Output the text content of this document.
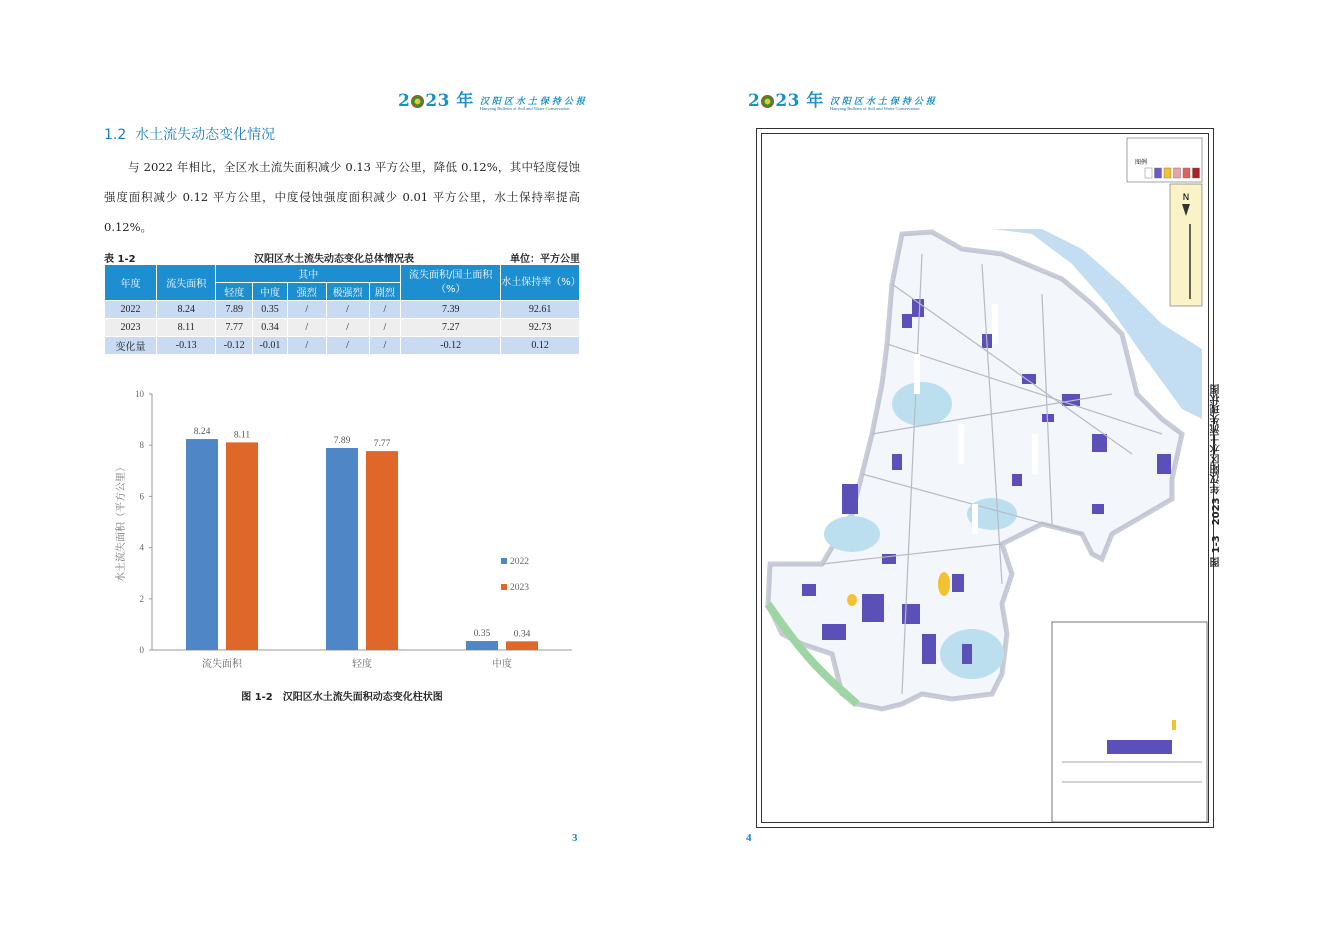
2 23 年 汉阳区水土保持公报
Hanyang Bulletin of Soil and Water Conservation
1.2 水土流失动态变化情况
与 2022 年相比，全区水土流失面积减少 0.13 平方公里，降低 0.12%，其中轻度侵蚀强度面积减少 0.12 平方公里，中度侵蚀强度面积减少 0.01 平方公里，水土保持率提高 0.12%。
表 1-2	汉阳区水土流失动态变化总体情况表	单位：平方公里
年度	流失面积	其中					流失面积/国土面积（%）	水土保持率（%）
		轻度	中度	强烈	极强烈	剧烈		
2022	8.24	7.89	0.35	/	/	/	7.39	92.61
2023	8.11	7.77	0.34	/	/	/	7.27	92.73
变化量	-0.13	-0.12	-0.01	/	/	/	-0.12	0.12
0
2
4
6
8
10
水土流失面积（平方公里）
8.24 8.11
流失面积
7.89 7.77
轻度
0.35 0.34
中度
2022
2023
图 1-2　汉阳区水土流失面积动态变化柱状图
3
2 23 年 汉阳区水土保持公报
Hanyang Bulletin of Soil and Water Conservation
图例
N
4
图 1-3　2023 年汉阳区水土流失现状图
